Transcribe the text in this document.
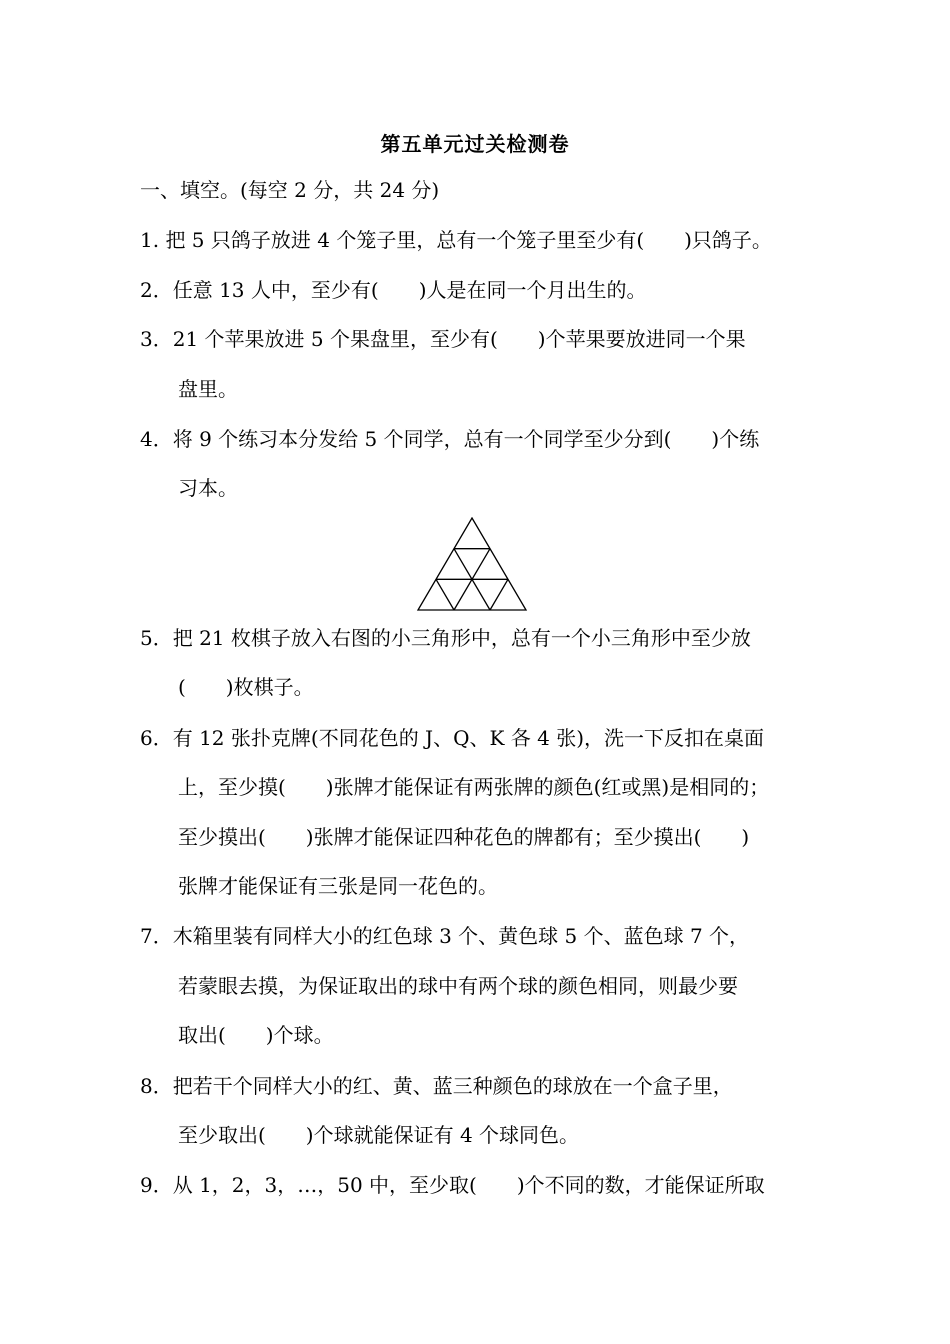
第五单元过关检测卷
一、填空。(每空 2 分，共 24 分)
1. 把 5 只鸽子放进 4 个笼子里，总有一个笼子里至少有(　　)只鸽子。
2．任意 13 人中，至少有(　　)人是在同一个月出生的。
3．21 个苹果放进 5 个果盘里，至少有(　　)个苹果要放进同一个果
盘里。
4．将 9 个练习本分发给 5 个同学，总有一个同学至少分到(　　)个练
习本。
5．把 21 枚棋子放入右图的小三角形中，总有一个小三角形中至少放
(　　)枚棋子。
6．有 12 张扑克牌(不同花色的 J、Q、K 各 4 张)，洗一下反扣在桌面
上，至少摸(　　)张牌才能保证有两张牌的颜色(红或黑)是相同的；
至少摸出(　　)张牌才能保证四种花色的牌都有；至少摸出(　　)
张牌才能保证有三张是同一花色的。
7．木箱里装有同样大小的红色球 3 个、黄色球 5 个、蓝色球 7 个，
若蒙眼去摸，为保证取出的球中有两个球的颜色相同，则最少要
取出(　　)个球。
8．把若干个同样大小的红、黄、蓝三种颜色的球放在一个盒子里，
至少取出(　　)个球就能保证有 4 个球同色。
9．从 1，2，3，…，50 中，至少取(　　)个不同的数，才能保证所取
